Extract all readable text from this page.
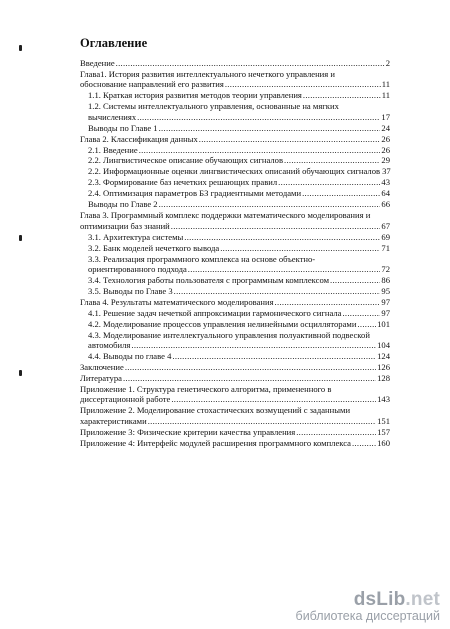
Оглавление
Введение .....	2
Глава1. История развития интеллектуального нечеткого управления и
обоснование направлений его развития .....	11
1.1. Краткая история развития методов теории управления .....	11
1.2. Системы интеллектуального управления, основанные на мягких
вычислениях .....	17
Выводы по Главе 1 .....	24
Глава 2. Классификация данных .....	26
2.1. Введение .....	26
2.2. Лингвистическое описание обучающих сигналов .....	29
2.2. Информационные оценки лингвистических описаний обучающих сигналов 37
2.3. Формирование баз нечетких решающих правил .....	43
2.4. Оптимизация параметров БЗ градиентными методами .....	64
Выводы по Главе 2 .....	66
Глава 3. Программный комплекс поддержки математического моделирования и
оптимизации баз знаний .....	67
3.1. Архитектура системы .....	69
3.2. Банк моделей нечеткого вывода .....	71
3.3. Реализация программного комплекса на основе объектно-
ориентированного подхода .....	72
3.4. Технология работы пользователя с программным комплексом .....	86
3.5. Выводы по Главе 3 .....	95
Глава 4. Результаты математического моделирования .....	97
4.1. Решение задач нечеткой аппроксимации гармонического сигнала .....	97
4.2. Моделирование процессов управления нелинейными осцилляторами ..... 101
4.3. Моделирование интеллектуального управления полуактивной подвеской
автомобиля .....	104
4.4. Выводы по главе 4 .....	124
Заключение .....	126
Литература .....	128
Приложение 1. Структура генетического алгоритма, примененного в
диссертационной работе .....	143
Приложение 2. Моделирование стохастических возмущений с заданными
характеристиками .....	151
Приложение 3: Физические критерии качества управления .....	157
Приложение 4: Интерфейс модулей расширения программного комплекса .....	160
dsLib.net
библиотека диссертаций
